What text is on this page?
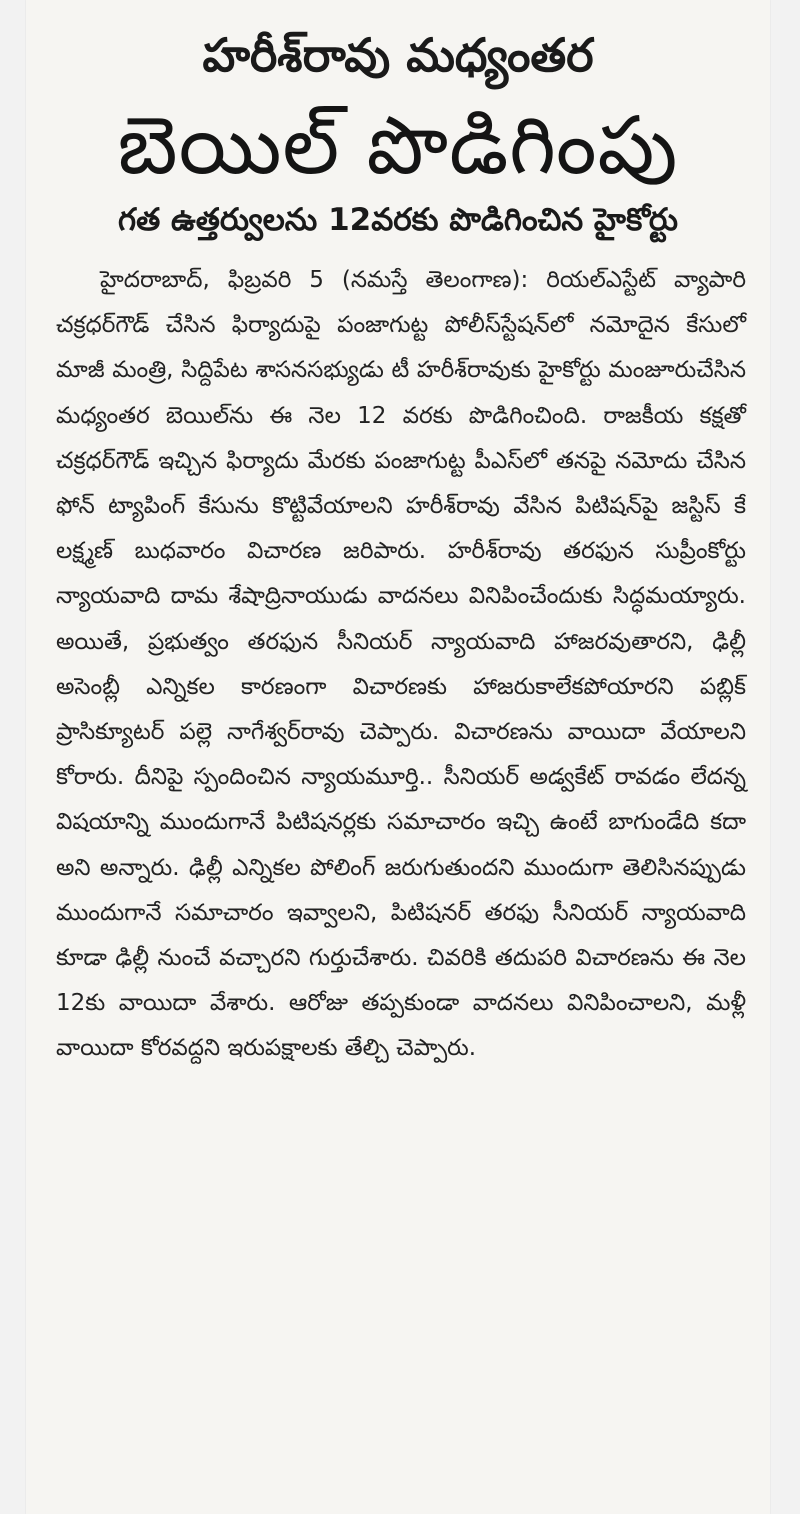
హరీశ్‌రావు మధ్యంతర
బెయిల్ పొడిగింపు
గత ఉత్తర్వులను 12వరకు పొడిగించిన హైకోర్టు

హైదరాబాద్, ఫిబ్రవరి 5 (నమస్తే తెలంగాణ): రియల్‌ఎస్టేట్ వ్యాపారి చక్రధర్‌గౌడ్ చేసిన ఫిర్యాదుపై పంజాగుట్ట పోలీస్‌స్టేషన్‌లో నమోదైన కేసులో మాజీ మంత్రి, సిద్దిపేట శాసనసభ్యుడు టీ హరీశ్‌రావుకు హైకోర్టు మంజూరుచేసిన మధ్యంతర బెయిల్‌ను ఈ నెల 12 వరకు పొడిగించింది. రాజకీయ కక్షతో చక్రధర్‌గౌడ్ ఇచ్చిన ఫిర్యాదు మేరకు పంజాగుట్ట పీఎస్‌లో తనపై నమోదు చేసిన ఫోన్ ట్యాపింగ్ కేసును కొట్టివేయాలని హరీశ్‌రావు వేసిన పిటిషన్‌పై జస్టిస్ కే లక్ష్మణ్ బుధవారం విచారణ జరిపారు. హరీశ్‌రావు తరఫున సుప్రీంకోర్టు న్యాయవాది దామ శేషాద్రినాయుడు వాదనలు వినిపించేందుకు సిద్ధమయ్యారు. అయితే, ప్రభుత్వం తరఫున సీనియర్ న్యాయవాది హాజరవుతారని, ఢిల్లీ అసెంబ్లీ ఎన్నికల కారణంగా విచారణకు హాజరుకాలేకపోయారని పబ్లిక్ ప్రాసిక్యూటర్ పల్లె నాగేశ్వర్‌రావు చెప్పారు. విచారణను వాయిదా వేయాలని కోరారు. దీనిపై స్పందించిన న్యాయమూర్తి.. సీనియర్ అడ్వకేట్ రావడం లేదన్న విషయాన్ని ముందుగానే పిటిషనర్లకు సమాచారం ఇచ్చి ఉంటే బాగుండేది కదా అని అన్నారు. ఢిల్లీ ఎన్నికల పోలింగ్ జరుగుతుందని ముందుగా తెలిసినప్పుడు ముందుగానే సమాచారం ఇవ్వాలని, పిటిషనర్ తరఫు సీనియర్ న్యాయవాది కూడా ఢిల్లీ నుంచే వచ్చారని గుర్తుచేశారు. చివరికి తదుపరి విచారణను ఈ నెల 12కు వాయిదా వేశారు. ఆరోజు తప్పకుండా వాదనలు వినిపించాలని, మళ్లీ వాయిదా కోరవద్దని ఇరుపక్షాలకు తేల్చి చెప్పారు.
